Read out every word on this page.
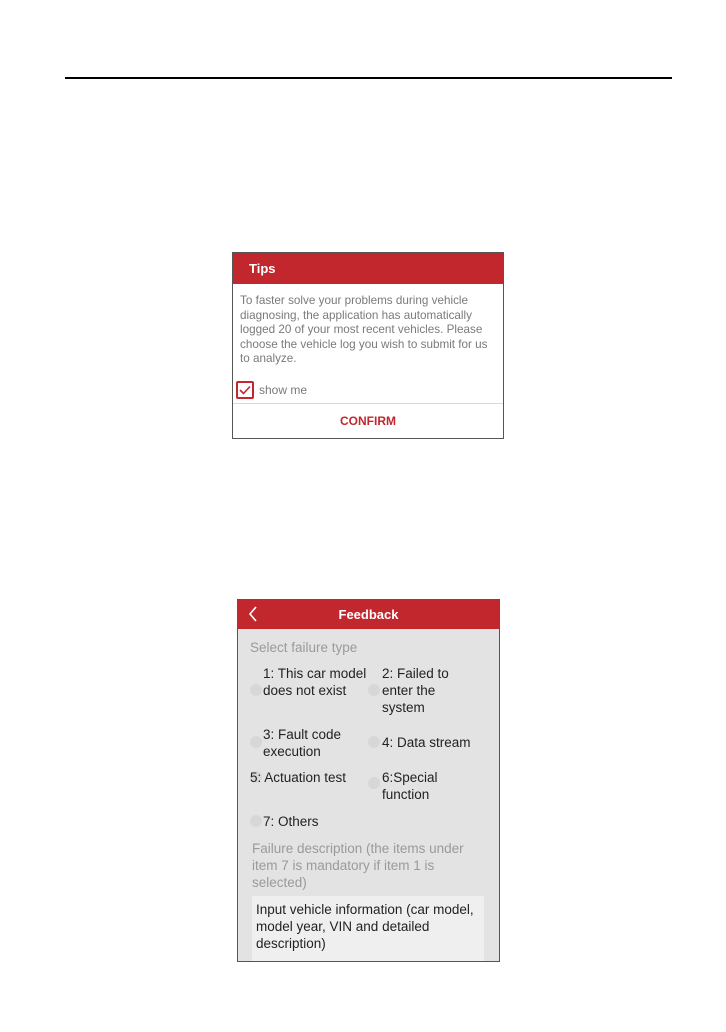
Tips
To faster solve your problems during vehicle diagnosing, the application has automatically logged 20 of your most recent vehicles. Please choose the vehicle log you wish to submit for us to analyze.
show me
CONFIRM
Feedback
Select failure type
1: This car model does not exist
2: Failed to enter the system
3: Fault code execution
4: Data stream
5: Actuation test	6:Special function
7: Others
Failure description (the items under item 7 is mandatory if item 1 is selected)
Input vehicle information (car model, model year, VIN and detailed description)
